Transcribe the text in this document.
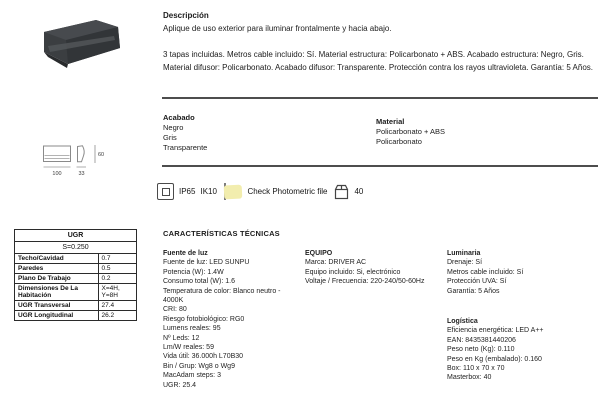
Descripción
Aplique de uso exterior para iluminar frontalmente y hacia abajo.
3 tapas incluidas. Metros cable incluido: Sí. Material estructura: Policarbonato + ABS. Acabado estructura: Negro, Gris. Material difusor: Policarbonato. Acabado difusor: Transparente. Protección contra los rayos ultravioleta. Garantía: 5 Años.
Acabado
Negro
Gris
Transparente
Material
Policarbonato + ABS
Policarbonato
100	33
60
IP65 IK10	Check Photometric file	40
UGR	
S=0.250	
Techo/Cavidad	0.7
Paredes	0.5
Plano De Trabajo	0.2
Dimensiones De La Habitación	X=4H, Y=8H
UGR Transversal	27.4
UGR Longitudinal	26.2
CARACTERÍSTICAS TÉCNICAS
Fuente de luz
Fuente de luz: LED SUNPU
Potencia (W): 1.4W
Consumo total (W): 1.6
Temperatura de color: Blanco neutro - 4000K
CRI: 80
Riesgo fotobiológico: RG0
Lumens reales: 95
Nº Leds: 12
Lm/W reales: 59
Vida útil: 36.000h L70B30
Bin / Grup: Wg8 o Wg9
MacAdam steps: 3
UGR: 25.4
EQUIPO
Marca: DRIVER AC
Equipo incluido: Si, electrónico
Voltaje / Frecuencia: 220-240/50-60Hz
Luminaria
Drenaje: Sí
Metros cable incluido: Sí
Protección UVA: Sí
Garantía: 5 Años
Logística
Eficiencia energética: LED A++
EAN: 8435381440206
Peso neto (Kg): 0.110
Peso en Kg (embalado): 0.160
Box: 110 x 70 x 70
Masterbox: 40
